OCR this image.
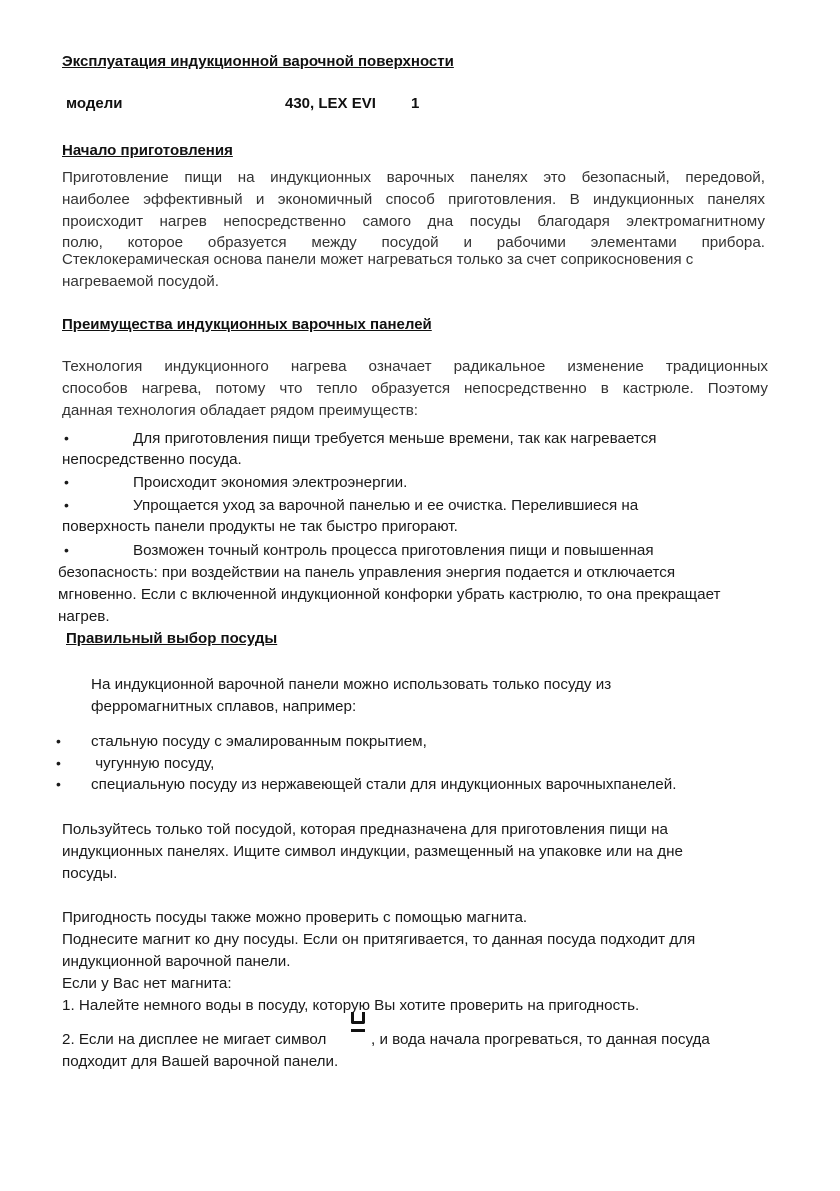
Эксплуатация индукционной варочной поверхности
модели	430, LEX EVI 1
Начало приготовления
Приготовление пищи на индукционных варочных панелях это безопасный, передовой,
наиболее эффективный и экономичный способ приготовления. В индукционных панелях
происходит нагрев непосредственно самого дна посуды благодаря электромагнитному
полю, которое образуется между посудой и рабочими элементами прибора.
Стеклокерамическая основа панели может нагреваться только за счет соприкосновения с
нагреваемой посудой.
Преимущества индукционных варочных панелей
Технология индукционного нагрева означает радикальное изменение традиционных
способов нагрева, потому что тепло образуется непосредственно в кастрюле. Поэтому
данная технология обладает рядом преимуществ:
•	Для приготовления пищи требуется меньше времени, так как нагревается
непосредственно посуда.
•	Происходит экономия электроэнергии.
•	Упрощается уход за варочной панелью и ее очистка. Перелившиеся на
поверхность панели продукты не так быстро пригорают.
•	Возможен точный контроль процесса приготовления пищи и повышенная
безопасность: при воздействии на панель управления энергия подается и отключается
мгновенно. Если с включенной индукционной конфорки убрать кастрюлю, то она прекращает
нагрев.
Правильный выбор посуды
На индукционной варочной панели можно использовать только посуду из
ферромагнитных сплавов, например:
• стальную посуду с эмалированным покрытием,
• чугунную посуду,
• специальную посуду из нержавеющей стали для индукционных варочныхпанелей.
Пользуйтесь только той посудой, которая предназначена для приготовления пищи на
индукционных панелях. Ищите символ индукции, размещенный на упаковке или на дне
посуды.
Пригодность посуды также можно проверить с помощью магнита.
Поднесите магнит ко дну посуды. Если он притягивается, то данная посуда подходит для
индукционной варочной панели.
Если у Вас нет магнита:
1. Налейте немного воды в посуду, которую Вы хотите проверить на пригодность.
2. Если на дисплее не мигает символ	, и вода начала прогреваться, то данная посуда
подходит для Вашей варочной панели.
